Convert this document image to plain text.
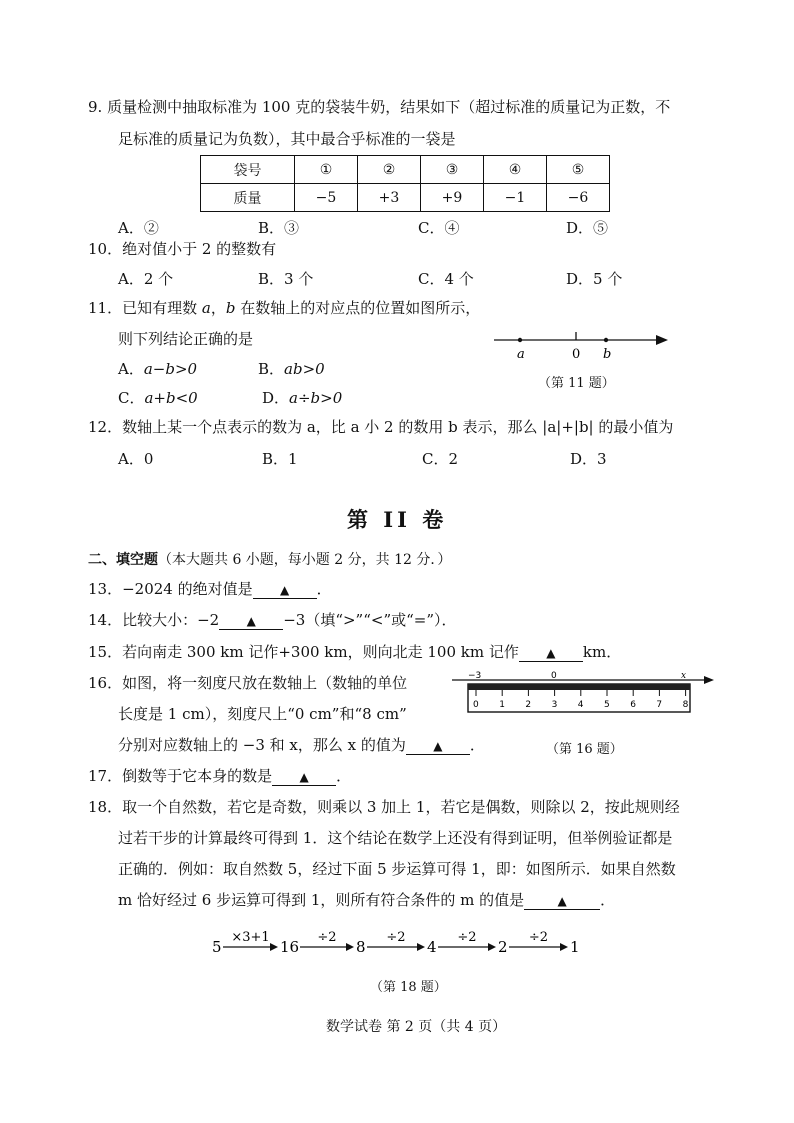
9. 质量检测中抽取标准为 100 克的袋装牛奶，结果如下（超过标准的质量记为正数，不
足标准的质量记为负数），其中最合乎标准的一袋是
袋号	①	②	③	④	⑤
质量	−5	+3	+9	−1	−6
A．②	B．③	C．④	D．⑤
10．绝对值小于 2 的整数有
A．2 个	B．3 个	C．4 个	D．5 个
11．已知有理数 a，b 在数轴上的对应点的位置如图所示，
则下列结论正确的是
A．a−b>0	B．ab>0
C．a+b<0	D．a÷b>0
a	0 b
（第 11 题）
12．数轴上某一个点表示的数为 a，比 a 小 2 的数用 b 表示，那么 |a|+|b| 的最小值为
A．0	B．1	C．2	D．3
第 II 卷
二、填空题（本大题共 6 小题，每小题 2 分，共 12 分．）
13．−2024 的绝对值是 ▲ ．
14．比较大小：−2 ▲ −3（填“>”“<”或“=”）．
15．若向南走 300 km 记作+300 km，则向北走 100 km 记作 ▲ km．
16．如图，将一刻度尺放在数轴上（数轴的单位
长度是 1 cm），刻度尺上“0 cm”和“8 cm”
分别对应数轴上的 −3 和 x，那么 x 的值为 ▲ ．
−3	0	x
0 1 2 3 4 5 6 7 8
（第 16 题）
17．倒数等于它本身的数是 ▲ ．
18．取一个自然数，若它是奇数，则乘以 3 加上 1，若它是偶数，则除以 2，按此规则经
过若干步的计算最终可得到 1．这个结论在数学上还没有得到证明，但举例验证都是
正确的．例如：取自然数 5，经过下面 5 步运算可得 1，即：如图所示．如果自然数
m 恰好经过 6 步运算可得到 1，则所有符合条件的 m 的值是	▲ ．
5	16	8	4	2	1
×3+1	÷2	÷2	÷2	÷2
（第 18 题）
数学试卷 第 2 页（共 4 页）
